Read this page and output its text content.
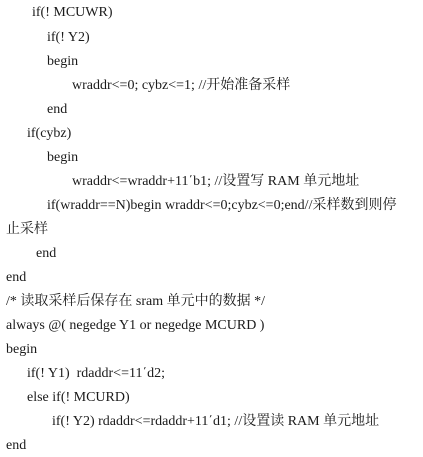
if(! MCUWR)
if(! Y2)
begin
wraddr<=0; cybz<=1; //开始准备采样
end
if(cybz)
begin
wraddr<=wraddr+11΄b1; //设置写 RAM 单元地址
if(wraddr==N)begin wraddr<=0;cybz<=0;end//采样数到则停
止采样
end
end
/* 读取采样后保存在 sram 单元中的数据 */
always @( negedge Y1 or negedge MCURD )
begin
if(! Y1)  rdaddr<=11΄d2;
else if(! MCURD)
if(! Y2) rdaddr<=rdaddr+11΄d1; //设置读 RAM 单元地址
end
